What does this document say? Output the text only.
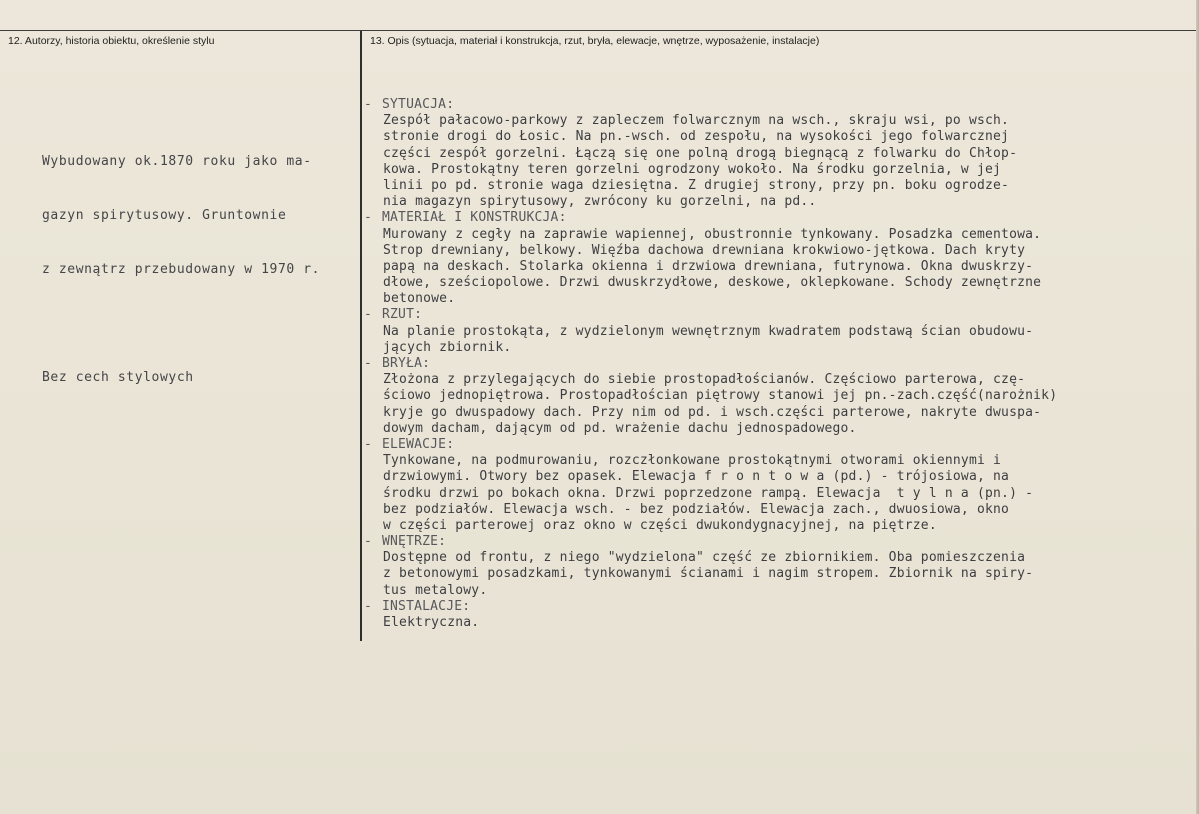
12. Autorzy, historia obiektu, określenie stylu	13. Opis (sytuacja, materiał i konstrukcja, rzut, bryła, elewacje, wnętrze, wyposażenie, instalacje)

Wybudowany ok.1870 roku jako ma-

gazyn spirytusowy. Gruntownie

z zewnątrz przebudowany w 1970 r.

Bez cech stylowych

- SYTUACJA:
Zespół pałacowo-parkowy z zapleczem folwarcznym na wsch., skraju wsi, po wsch.
stronie drogi do Łosic. Na pn.-wsch. od zespołu, na wysokości jego folwarcznej
części zespół gorzelni. Łączą się one polną drogą biegnącą z folwarku do Chłop-
kowa. Prostokątny teren gorzelni ogrodzony wokoło. Na środku gorzelnia, w jej
linii po pd. stronie waga dziesiętna. Z drugiej strony, przy pn. boku ogrodze-
nia magazyn spirytusowy, zwrócony ku gorzelni, na pd..
- MATERIAŁ I KONSTRUKCJA:
Murowany z cegły na zaprawie wapiennej, obustronnie tynkowany. Posadzka cementowa.
Strop drewniany, belkowy. Więźba dachowa drewniana krokwiowo-jętkowa. Dach kryty
papą na deskach. Stolarka okienna i drzwiowa drewniana, futrynowa. Okna dwuskrzy-
dłowe, sześciopolowe. Drzwi dwuskrzydłowe, deskowe, oklepkowane. Schody zewnętrzne
betonowe.
- RZUT:
Na planie prostokąta, z wydzielonym wewnętrznym kwadratem podstawą ścian obudowu-
jących zbiornik.
- BRYŁA:
Złożona z przylegających do siebie prostopadłościanów. Częściowo parterowa, czę-
ściowo jednopiętrowa. Prostopadłościan piętrowy stanowi jej pn.-zach.część(narożnik)
kryje go dwuspadowy dach. Przy nim od pd. i wsch.części parterowe, nakryte dwuspa-
dowym dacham, dającym od pd. wrażenie dachu jednospadowego.
- ELEWACJE:
Tynkowane, na podmurowaniu, rozczłonkowane prostokątnymi otworami okiennymi i
drzwiowymi. Otwory bez opasek. Elewacja f r o n t o w a (pd.) - trójosiowa, na
środku drzwi po bokach okna. Drzwi poprzedzone rampą. Elewacja  t y l n a (pn.) -
bez podziałów. Elewacja wsch. - bez podziałów. Elewacja zach., dwuosiowa, okno
w części parterowej oraz okno w części dwukondygnacyjnej, na piętrze.
- WNĘTRZE:
Dostępne od frontu, z niego "wydzielona" część ze zbiornikiem. Oba pomieszczenia
z betonowymi posadzkami, tynkowanymi ścianami i nagim stropem. Zbiornik na spiry-
tus metalowy.
- INSTALACJE:
Elektryczna.
